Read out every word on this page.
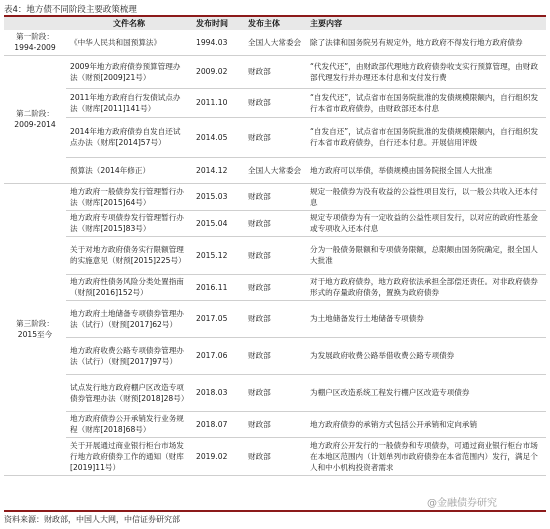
表4：地方债不同阶段主要政策梳理
	文件名称	发布时间	发布主体	主要内容
第一阶段：1994-2009	《中华人民共和国预算法》	1994.03	全国人大常委会	除了法律和国务院另有规定外，地方政府不得发行地方政府债券
第二阶段：2009-2014	2009年地方政府债券预算管理办法（财预[2009]21号）	2009.02	财政部	“代发代还”，由财政部代理地方政府债券收支实行预算管理，由财政部代理发行并办理还本付息和支付发行费
	2011年地方政府自行发债试点办法（财库[2011]141号）	2011.10	财政部	“自发代还”，试点省市在国务院批准的发债规模限额内，自行组织发行本省市政府债券，由财政部还本付息
	2014年地方政府债券自发自还试点办法（财库[2014]57号）	2014.05	财政部	“自发自还”，试点省市在国务院批准的发债规模限额内，自行组织发行本省市政府债券，自行还本付息。开展信用评级
	预算法（2014年修正）	2014.12	全国人大常委会	地方政府可以举债，举债规模由国务院报全国人大批准
第三阶段：2015至今	地方政府一般债券发行管理暂行办法（财库[2015]64号）	2015.03	财政部	规定一般债券为没有收益的公益性项目发行，以一般公共收入还本付息
	地方政府专项债券发行管理暂行办法（财库[2015]83号）	2015.04	财政部	规定专项债券为有一定收益的公益性项目发行，以对应的政府性基金或专项收入还本付息
	关于对地方政府债务实行限额管理的实施意见（财预[2015]225号）	2015.12	财政部	分为一般债务限额和专项债务限额，总限额由国务院确定，报全国人大批准
	地方政府性债务风险分类处置指南（财预[2016]152号）	2016.11	财政部	对于地方政府债券，地方政府依法承担全部偿还责任。对非政府债券形式的存量政府债务，置换为政府债券
	地方政府土地储备专项债券管理办法（试行）（财预[2017]62号）	2017.05	财政部	为土地储备发行土地储备专项债券
	地方政府收费公路专项债券管理办法（试行）（财预[2017]97号）	2017.06	财政部	为发展政府收费公路举借收费公路专项债券
	试点发行地方政府棚户区改造专项债券管理办法（财预[2018]28号）	2018.03	财政部	为棚户区改造系统工程发行棚户区改造专项债券
	地方政府债券公开承销发行业务规程（财库[2018]68号）	2018.07	财政部	地方政府债券的承销方式包括公开承销和定向承销
	关于开展通过商业银行柜台市场发行地方政府债券工作的通知（财库[2019]11号）	2019.02	财政部	地方政府公开发行的一般债券和专项债券，可通过商业银行柜台市场在本地区范围内（计划单列市政府债券在本省范围内）发行，满足个人和中小机构投资者需求
资料来源：财政部，中国人大网，中信证券研究部
@金融债券研究
